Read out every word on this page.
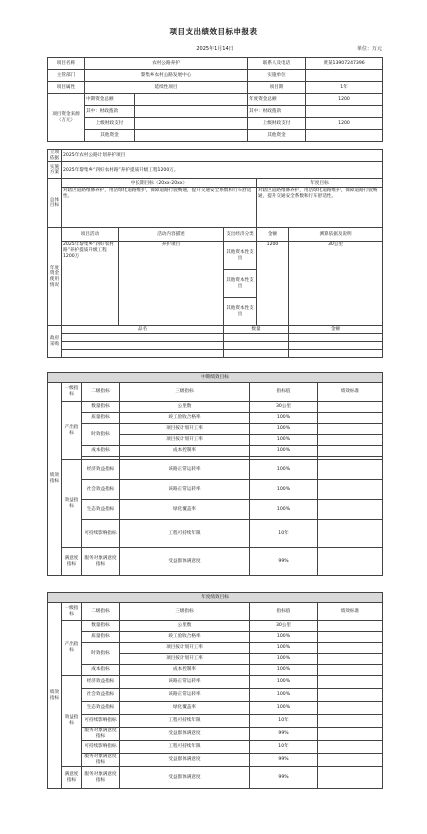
项目支出绩效目标申报表
2025年1月14日	单位：万元
项目名称	农村公路养护		联系人及电话	黄某13907247396
主管部门	黎集乡农村公路发展中心		实施单位	
项目属性	延续性项目		项目期	1年
项目资金来源（万元）	中期资金总额		年度资金总额	1200
	其中：财政拨款		其中：财政拨款	
	上级财政支付		上级财政支付	1200
	其他资金		其他资金	
立项依据	2025年农村公路计划养护项目				
实施方案	2025年黎集乡“四好农村路”养护提质升级工程1200万。				
总体目标	中长期目标（20xx-20xx）			年度目标	
	对辖区道路维修养护，用活绿化道路维护，保障道路行驶畅通，提升交通安全系数和行车舒适性。			对辖区道路维修养护，用活绿化道路维护，保障道路行驶畅通，提升交通安全系数和行车舒适性。	
年度资金使用情况	项目活动	活动内容描述	支出经济分类	金额	测算依据及说明
	2025年黎集乡“四好农村路”养护提质升级工程1200万	养护项目	其他资本性支出	1200	30公里
			其他资本性支出		
			其他资本性支出		
政府采购	品名		数量		金额

中期绩效目标					
绩效指标	一级指标	二级指标	三级指标	指标值	绩效标准
	产出指标	数量指标	公里数	30公里	
		质量指标	竣工验收合格率	100%	
		时效指标	项目按计划开工率	100%	
			项目按计划开工率	100%	
		成本指标	成本控制率	100%	

	效益指标	经济效益指标	该路正常运转率	100%	
		社会效益指标	该路正常运转率	100%	
		生态效益指标	绿化覆盖率	100%	
		可持续影响指标	工程可持续年限	10年	
	满意度指标	服务对象满意度指标	受益群体满意度	99%	
年度绩效目标					
绩效指标	一级指标	二级指标	三级指标	指标值	绩效标准
	产出指标	数量指标	公里数	30公里	
		质量指标	竣工验收合格率	100%	
		时效指标	项目按计划开工率	100%	
			项目按计划开工率	100%	
		成本指标	成本控制率	100%	
	效益指标	经济效益指标	该路正常运转率	100%	
		社会效益指标	该路正常运转率	100%	
		生态效益指标	绿化覆盖率	100%	
		可持续影响指标	工程可持续年限	10年	
		服务对象满意度指标	受益群体满意度	99%	
		可持续影响指标	工程可持续年限	10年	
		服务对象满意度指标	受益群体满意度	99%	
	满意度指标	服务对象满意度指标	受益群体满意度	99%	
